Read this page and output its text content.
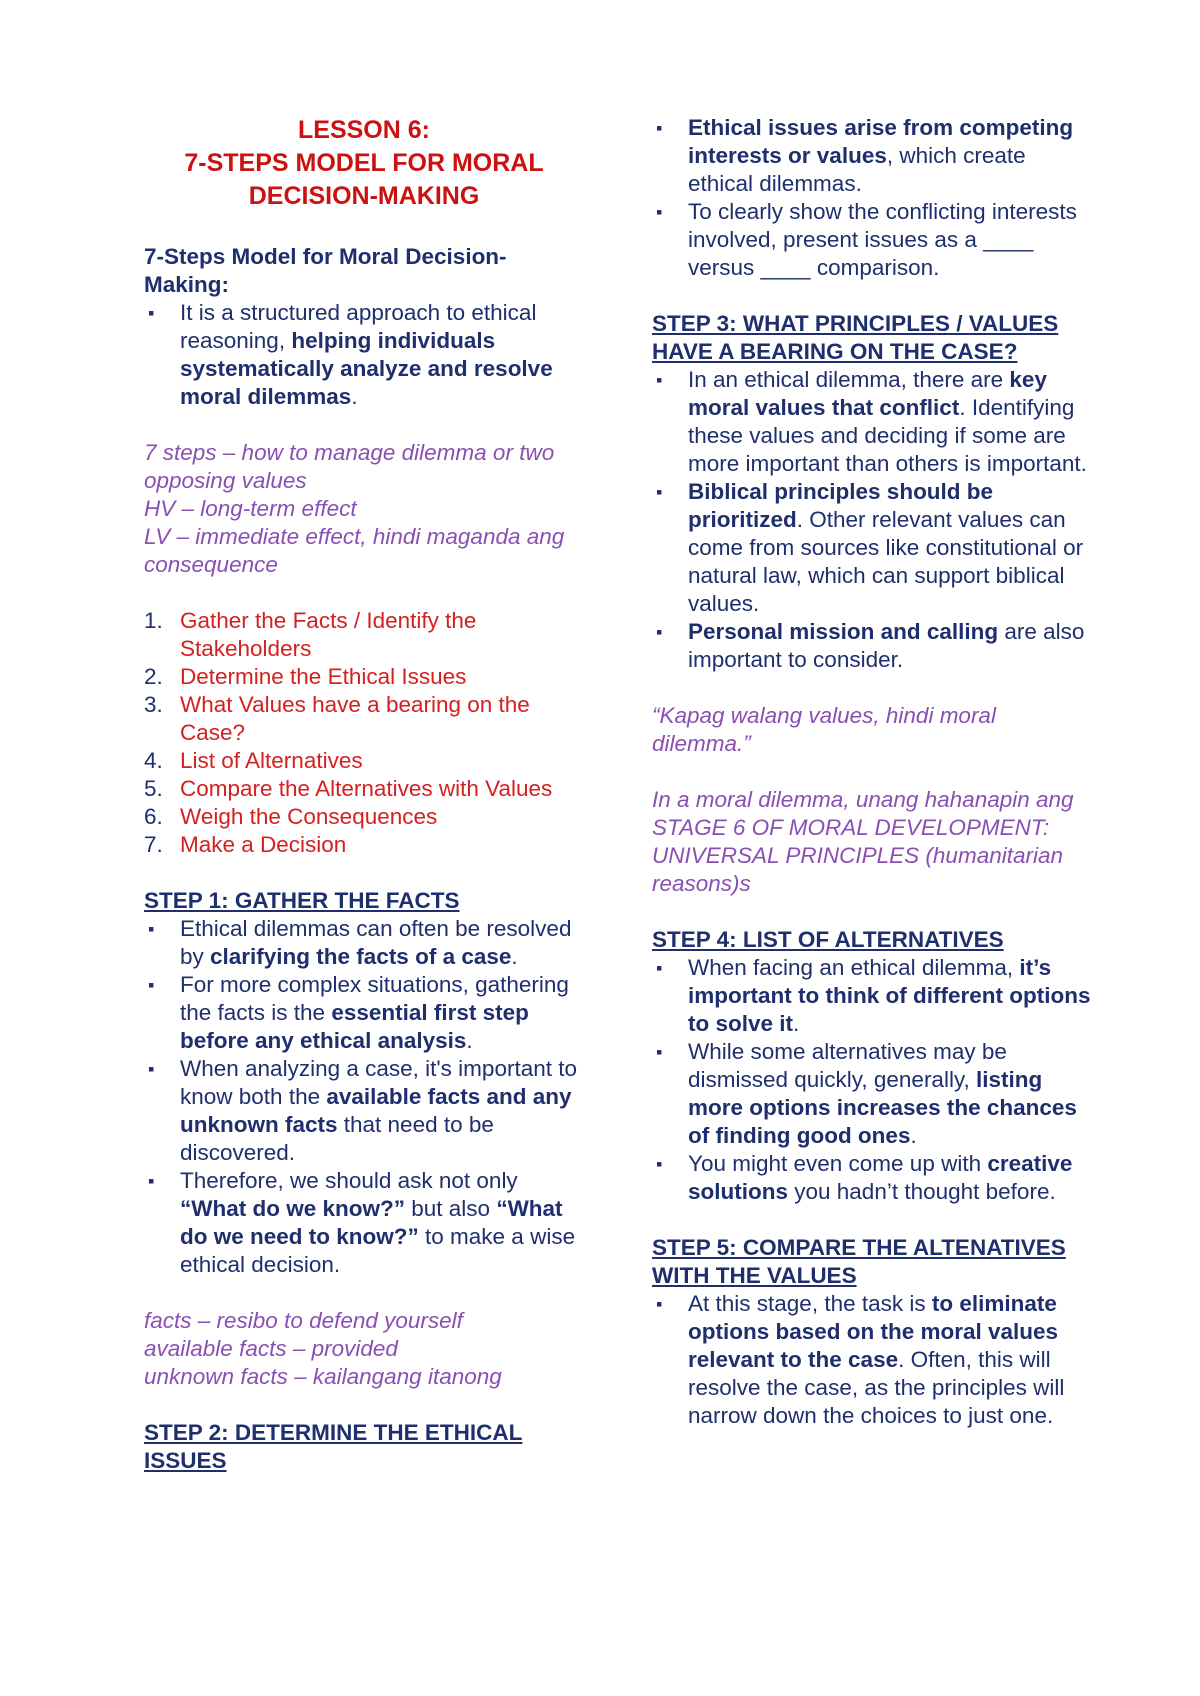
LESSON 6:
7-STEPS MODEL FOR MORAL
DECISION-MAKING

7-Steps Model for Moral Decision-Making:

▪ It is a structured approach to ethical reasoning, helping individuals systematically analyze and resolve moral dilemmas.

7 steps – how to manage dilemma or two opposing values

HV – long-term effect

LV – immediate effect, hindi maganda ang consequence

1. Gather the Facts / Identify the Stakeholders
2. Determine the Ethical Issues
3. What Values have a bearing on the Case?
4. List of Alternatives
5. Compare the Alternatives with Values
6. Weigh the Consequences
7. Make a Decision

STEP 1: GATHER THE FACTS

▪ Ethical dilemmas can often be resolved by clarifying the facts of a case.
▪ For more complex situations, gathering the facts is the essential first step before any ethical analysis.
▪ When analyzing a case, it's important to know both the available facts and any unknown facts that need to be discovered.
▪ Therefore, we should ask not only “What do we know?” but also “What do we need to know?” to make a wise ethical decision.

facts – resibo to defend yourself

available facts – provided

unknown facts – kailangang itanong

STEP 2: DETERMINE THE ETHICAL ISSUES

▪ Ethical issues arise from competing interests or values, which create ethical dilemmas.
▪ To clearly show the conflicting interests involved, present issues as a ____ versus ____ comparison.

STEP 3: WHAT PRINCIPLES / VALUES HAVE A BEARING ON THE CASE?

▪ In an ethical dilemma, there are key moral values that conflict. Identifying these values and deciding if some are more important than others is important.
▪ Biblical principles should be prioritized. Other relevant values can come from sources like constitutional or natural law, which can support biblical values.
▪ Personal mission and calling are also important to consider.

“Kapag walang values, hindi moral dilemma.”

In a moral dilemma, unang hahanapin ang STAGE 6 OF MORAL DEVELOPMENT: UNIVERSAL PRINCIPLES (humanitarian reasons)s

STEP 4: LIST OF ALTERNATIVES

▪ When facing an ethical dilemma, it’s important to think of different options to solve it.
▪ While some alternatives may be dismissed quickly, generally, listing more options increases the chances of finding good ones.
▪ You might even come up with creative solutions you hadn’t thought before.

STEP 5: COMPARE THE ALTENATIVES WITH THE VALUES

▪ At this stage, the task is to eliminate options based on the moral values relevant to the case. Often, this will resolve the case, as the principles will narrow down the choices to just one.
